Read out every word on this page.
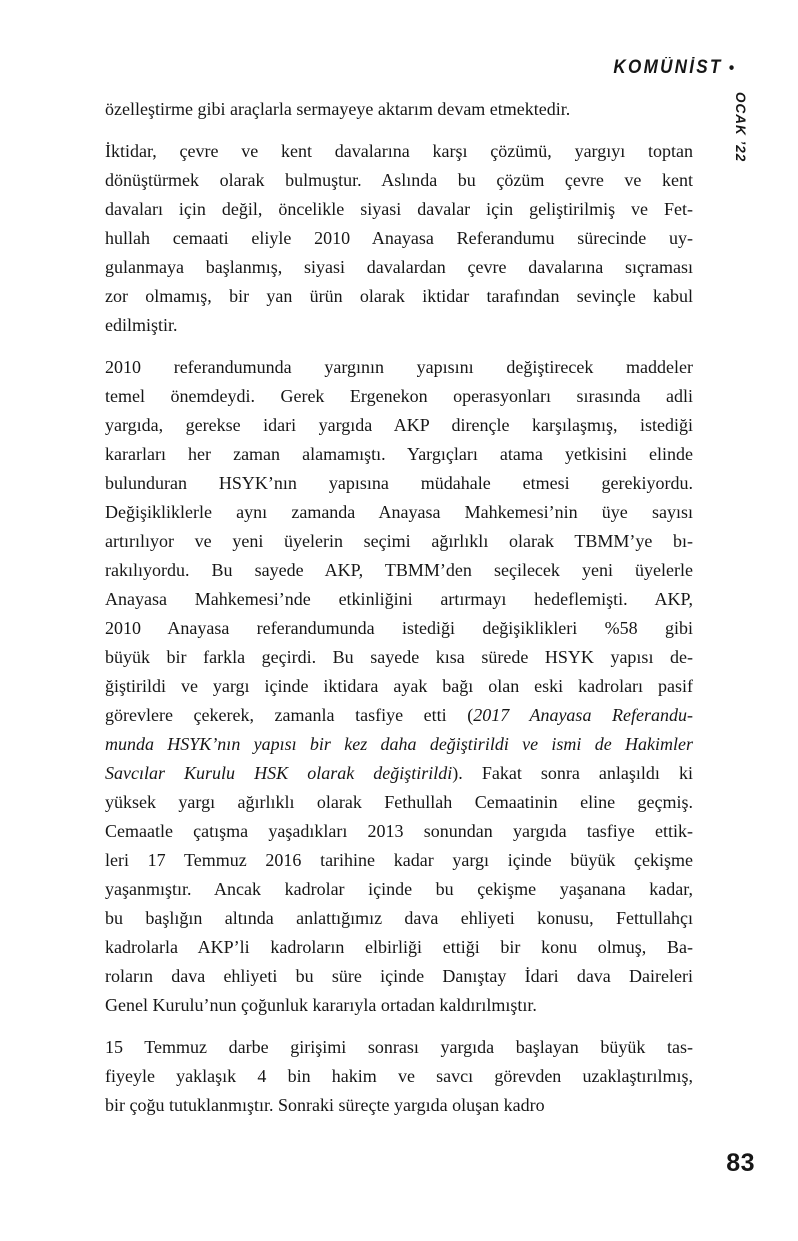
KOMÜNİST •
OCAK ’22
özelleştirme gibi araçlarla sermayeye aktarım devam etmektedir.
İktidar, çevre ve kent davalarına karşı çözümü, yargıyı toptan
dönüştürmek olarak bulmuştur. Aslında bu çözüm çevre ve kent
davaları için değil, öncelikle siyasi davalar için geliştirilmiş ve Fet-
hullah cemaati eliyle 2010 Anayasa Referandumu sürecinde uy-
gulanmaya başlanmış, siyasi davalardan çevre davalarına sıçraması
zor olmamış, bir yan ürün olarak iktidar tarafından sevinçle kabul
edilmiştir.
2010 referandumunda yargının yapısını değiştirecek maddeler
temel önemdeydi. Gerek Ergenekon operasyonları sırasında adli
yargıda, gerekse idari yargıda AKP dirençle karşılaşmış, istediği
kararları her zaman alamamıştı. Yargıçları atama yetkisini elinde
bulunduran HSYK’nın yapısına müdahale etmesi gerekiyordu.
Değişikliklerle aynı zamanda Anayasa Mahkemesi’nin üye sayısı
artırılıyor ve yeni üyelerin seçimi ağırlıklı olarak TBMM’ye bı-
rakılıyordu. Bu sayede AKP, TBMM’den seçilecek yeni üyelerle
Anayasa Mahkemesi’nde etkinliğini artırmayı hedeflemişti. AKP,
2010 Anayasa referandumunda istediği değişiklikleri %58 gibi
büyük bir farkla geçirdi. Bu sayede kısa sürede HSYK yapısı de-
ğiştirildi ve yargı içinde iktidara ayak bağı olan eski kadroları pasif
görevlere çekerek, zamanla tasfiye etti (2017 Anayasa Referandu-
munda HSYK’nın yapısı bir kez daha değiştirildi ve ismi de Hakimler
Savcılar Kurulu HSK olarak değiştirildi). Fakat sonra anlaşıldı ki
yüksek yargı ağırlıklı olarak Fethullah Cemaatinin eline geçmiş.
Cemaatle çatışma yaşadıkları 2013 sonundan yargıda tasfiye ettik-
leri 17 Temmuz 2016 tarihine kadar yargı içinde büyük çekişme
yaşanmıştır. Ancak kadrolar içinde bu çekişme yaşanana kadar,
bu başlığın altında anlattığımız dava ehliyeti konusu, Fettullahçı
kadrolarla AKP’li kadroların elbirliği ettiği bir konu olmuş, Ba-
roların dava ehliyeti bu süre içinde Danıştay İdari dava Daireleri
Genel Kurulu’nun çoğunluk kararıyla ortadan kaldırılmıştır.
15 Temmuz darbe girişimi sonrası yargıda başlayan büyük tas-
fiyeyle yaklaşık 4 bin hakim ve savcı görevden uzaklaştırılmış,
bir çoğu tutuklanmıştır. Sonraki süreçte yargıda oluşan kadro
83
